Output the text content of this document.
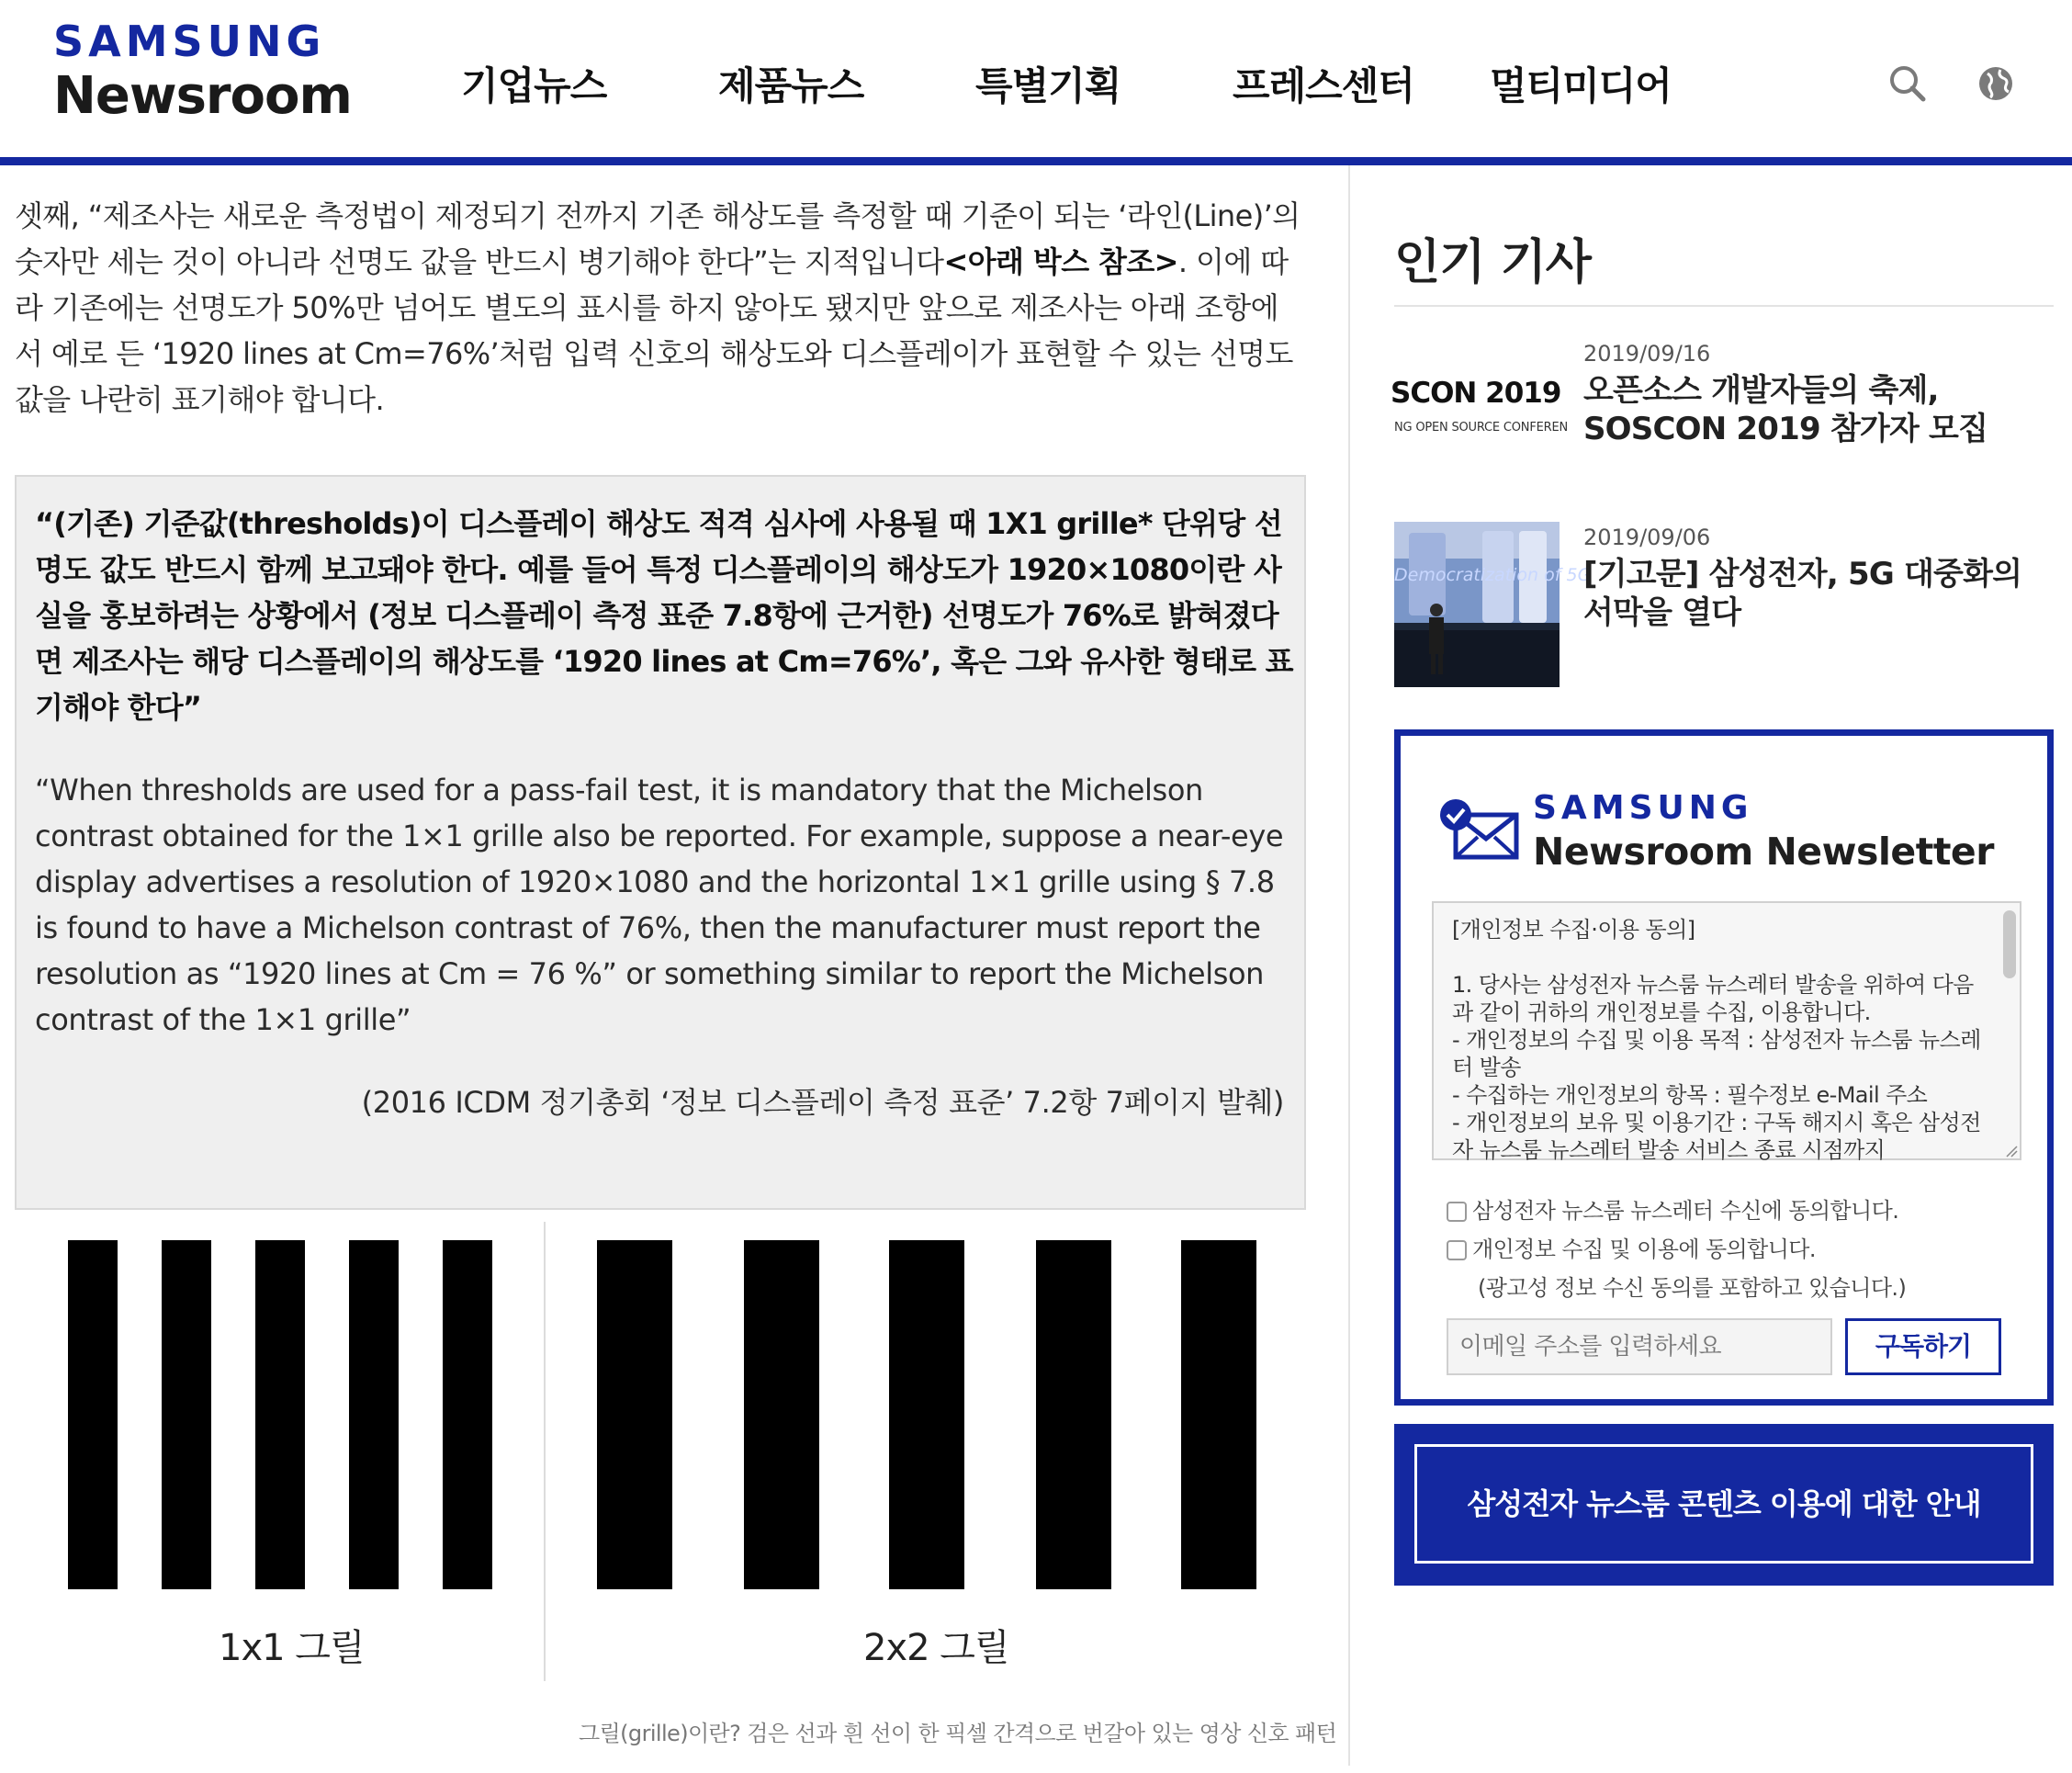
SAMSUNG
Newsroom	기업뉴스	제품뉴스	특별기획	프레스센터 멀티미디어

셋째, “제조사는 새로운 측정법이 제정되기 전까지 기존 해상도를 측정할 때 기준이 되는 ‘라인(Line)’의 숫자만 세는 것이 아니라 선명도 값을 반드시 병기해야 한다”는 지적입니다<아래 박스 참조>. 이에 따라 기존에는 선명도가 50%만 넘어도 별도의 표시를 하지 않아도 됐지만 앞으로 제조사는 아래 조항에서 예로 든 ‘1920 lines at Cm=76%’처럼 입력 신호의 해상도와 디스플레이가 표현할 수 있는 선명도 값을 나란히 표기해야 합니다.

“(기존) 기준값(thresholds)이 디스플레이 해상도 적격 심사에 사용될 때 1X1 grille* 단위당 선명도 값도 반드시 함께 보고돼야 한다. 예를 들어 특정 디스플레이의 해상도가 1920×1080이란 사실을 홍보하려는 상황에서 (정보 디스플레이 측정 표준 7.8항에 근거한) 선명도가 76%로 밝혀졌다면 제조사는 해당 디스플레이의 해상도를 ‘1920 lines at Cm=76%’, 혹은 그와 유사한 형태로 표기해야 한다”

“When thresholds are used for a pass-fail test, it is mandatory that the Michelson contrast obtained for the 1×1 grille also be reported. For example, suppose a near-eye display advertises a resolution of 1920×1080 and the horizontal 1×1 grille using § 7.8 is found to have a Michelson contrast of 76%, then the manufacturer must report the resolution as “1920 lines at Cm = 76 %” or something similar to report the Michelson contrast of the 1×1 grille”

(2016 ICDM 정기총회 ‘정보 디스플레이 측정 표준’ 7.2항 7페이지 발췌)

1x1 그릴	2x2 그릴
그릴(grille)이란? 검은 선과 흰 선이 한 픽셀 간격으로 번갈아 있는 영상 신호 패턴
인기 기사
SCON 2019
NG OPEN SOURCE CONFEREN
2019/09/16
오픈소스 개발자들의 축제, SOSCON 2019 참가자 모집
Democratization of 5G
2019/09/06
[기고문] 삼성전자, 5G 대중화의 서막을 열다
SAMSUNG
Newsroom Newsletter
[개인정보 수집·이용 동의]

1. 당사는 삼성전자 뉴스룸 뉴스레터 발송을 위하여 다음과 같이 귀하의 개인정보를 수집, 이용합니다.
- 개인정보의 수집 및 이용 목적 : 삼성전자 뉴스룸 뉴스레터 발송
- 수집하는 개인정보의 항목 : 필수정보 e-Mail 주소
- 개인정보의 보유 및 이용기간 : 구독 해지시 혹은 삼성전자 뉴스룸 뉴스레터 발송 서비스 종료 시점까지
삼성전자 뉴스룸 뉴스레터 수신에 동의합니다.
개인정보 수집 및 이용에 동의합니다.
(광고성 정보 수신 동의를 포함하고 있습니다.)
이메일 주소를 입력하세요
구독하기
삼성전자 뉴스룸 콘텐츠 이용에 대한 안내
